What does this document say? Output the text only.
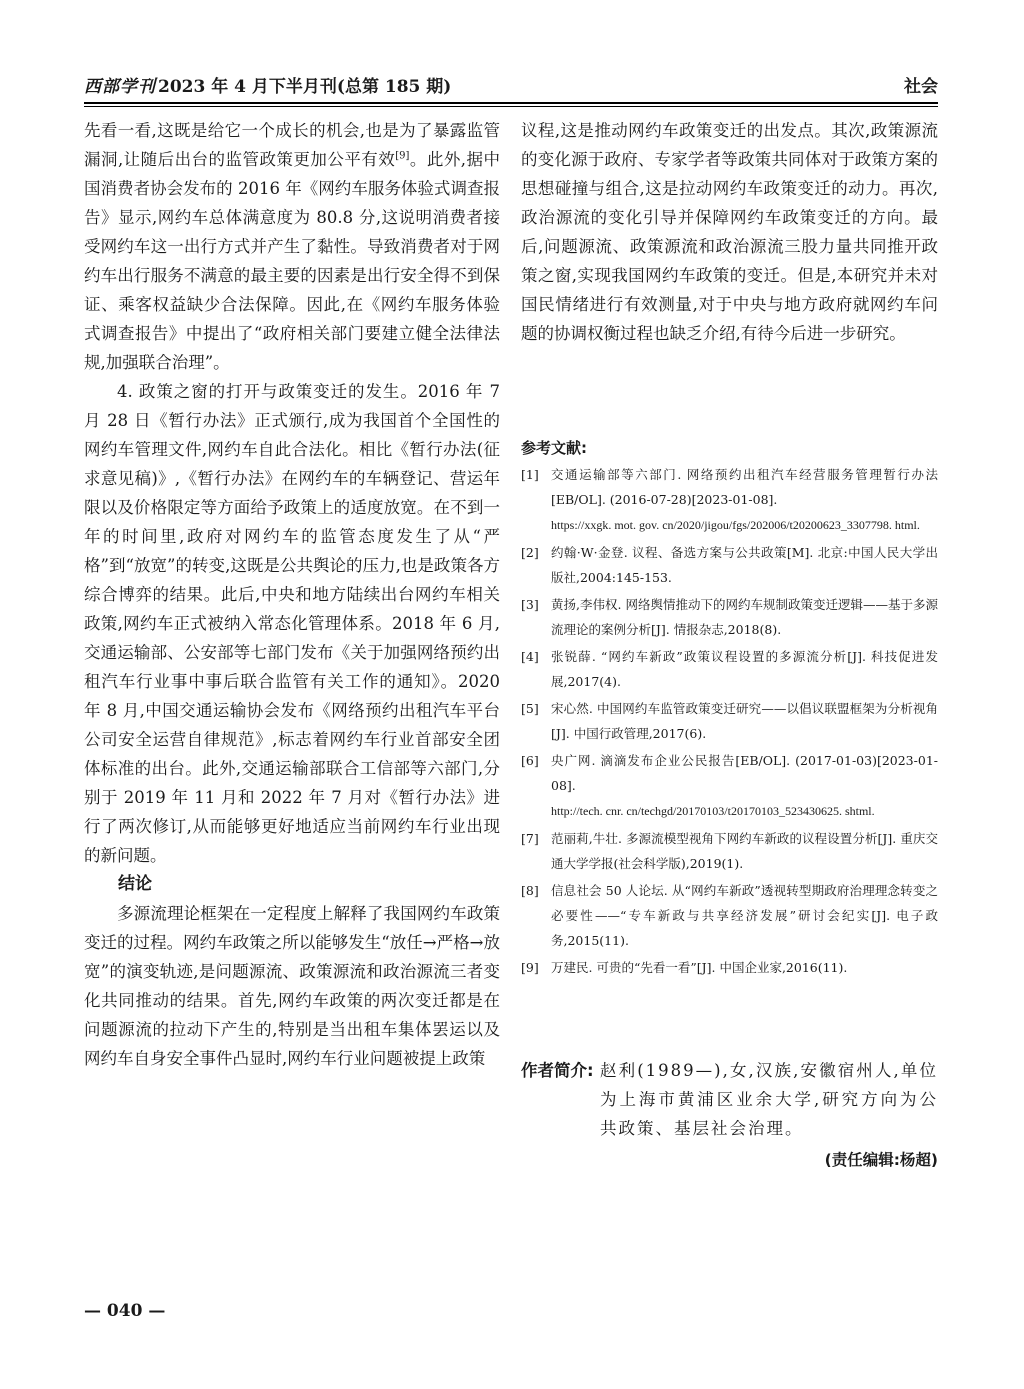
西部学刊 2023 年 4 月下半月刊(总第 185 期)	社会

先看一看,这既是给它一个成长的机会,也是为了暴露监管漏洞,让随后出台的监管政策更加公平有效[9]。此外,据中国消费者协会发布的 2016 年《网约车服务体验式调查报告》显示,网约车总体满意度为 80.8 分,这说明消费者接受网约车这一出行方式并产生了黏性。导致消费者对于网约车出行服务不满意的最主要的因素是出行安全得不到保证、乘客权益缺少合法保障。因此,在《网约车服务体验式调查报告》中提出了“政府相关部门要建立健全法律法规,加强联合治理”。

4. 政策之窗的打开与政策变迁的发生。2016 年 7 月 28 日《暂行办法》正式颁行,成为我国首个全国性的网约车管理文件,网约车自此合法化。相比《暂行办法(征求意见稿)》,《暂行办法》在网约车的车辆登记、营运年限以及价格限定等方面给予政策上的适度放宽。在不到一年的时间里,政府对网约车的监管态度发生了从“严格”到“放宽”的转变,这既是公共舆论的压力,也是政策各方综合博弈的结果。此后,中央和地方陆续出台网约车相关政策,网约车正式被纳入常态化管理体系。2018 年 6 月,交通运输部、公安部等七部门发布《关于加强网络预约出租汽车行业事中事后联合监管有关工作的通知》。2020 年 8 月,中国交通运输协会发布《网络预约出租汽车平台公司安全运营自律规范》,标志着网约车行业首部安全团体标准的出台。此外,交通运输部联合工信部等六部门,分别于 2019 年 11 月和 2022 年 7 月对《暂行办法》进行了两次修订,从而能够更好地适应当前网约车行业出现的新问题。

结论

多源流理论框架在一定程度上解释了我国网约车政策变迁的过程。网约车政策之所以能够发生“放任→严格→放宽”的演变轨迹,是问题源流、政策源流和政治源流三者变化共同推动的结果。首先,网约车政策的两次变迁都是在问题源流的拉动下产生的,特别是当出租车集体罢运以及网约车自身安全事件凸显时,网约车行业问题被提上政策

议程,这是推动网约车政策变迁的出发点。其次,政策源流的变化源于政府、专家学者等政策共同体对于政策方案的思想碰撞与组合,这是拉动网约车政策变迁的动力。再次,政治源流的变化引导并保障网约车政策变迁的方向。最后,问题源流、政策源流和政治源流三股力量共同推开政策之窗,实现我国网约车政策的变迁。但是,本研究并未对国民情绪进行有效测量,对于中央与地方政府就网约车问题的协调权衡过程也缺乏介绍,有待今后进一步研究。

参考文献:
[1] 交通运输部等六部门. 网络预约出租汽车经营服务管理暂行办法[EB/OL]. (2016-07-28)[2023-01-08].
https://xxgk. mot. gov. cn/2020/jigou/fgs/202006/t20200623_3307798. html.
[2] 约翰·W·金登. 议程、备选方案与公共政策[M]. 北京:中国人民大学出版社,2004:145-153.
[3] 黄扬,李伟权. 网络舆情推动下的网约车规制政策变迁逻辑——基于多源流理论的案例分析[J]. 情报杂志,2018(8).
[4] 张锐薛. “网约车新政”政策议程设置的多源流分析[J]. 科技促进发展,2017(4).
[5] 宋心然. 中国网约车监管政策变迁研究——以倡议联盟框架为分析视角[J]. 中国行政管理,2017(6).
[6] 央广网. 滴滴发布企业公民报告[EB/OL]. (2017-01-03)[2023-01-08].
http://tech. cnr. cn/techgd/20170103/t20170103_523430625. shtml.
[7] 范丽莉,牛壮. 多源流模型视角下网约车新政的议程设置分析[J]. 重庆交通大学学报(社会科学版),2019(1).
[8] 信息社会 50 人论坛. 从“网约车新政”透视转型期政府治理理念转变之必要性——“专车新政与共享经济发展”研讨会纪实[J]. 电子政务,2015(11).
[9] 万建民. 可贵的“先看一看”[J]. 中国企业家,2016(11).
作者简介: 赵利(1989—),女,汉族,安徽宿州人,单位为上海市黄浦区业余大学,研究方向为公共政策、基层社会治理。
(责任编辑:杨超)
— 040 —
